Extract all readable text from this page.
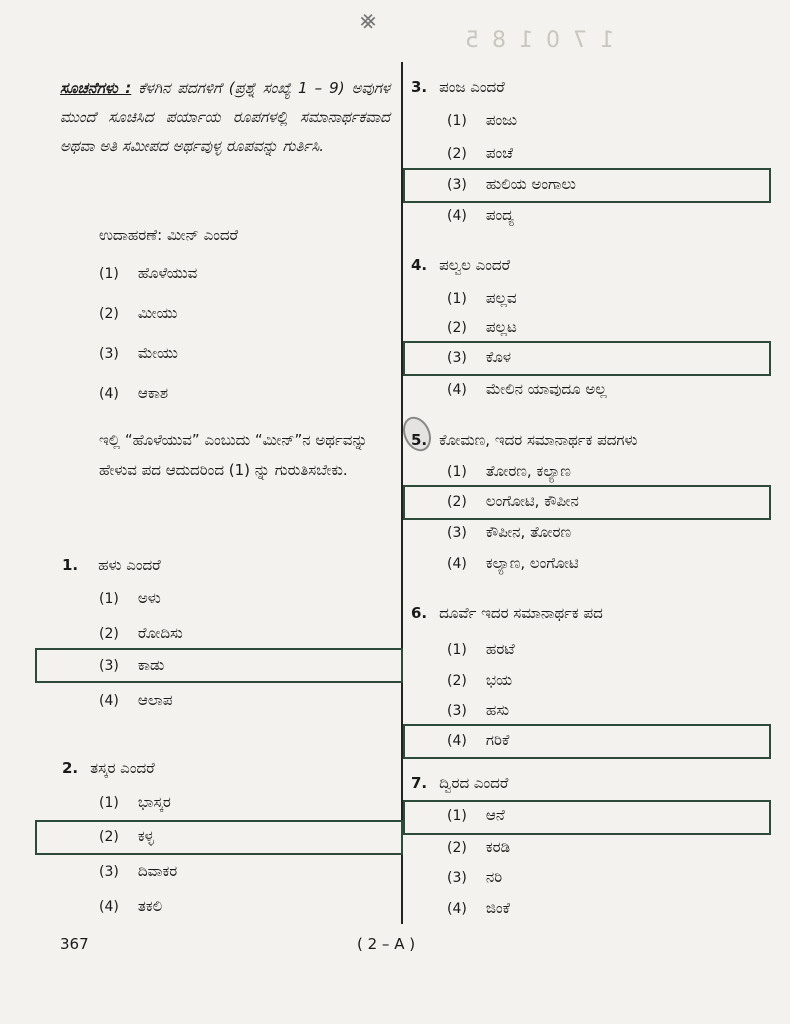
⨳
1 7 0 1 8 5
ಸೂಚನೆಗಳು : ಕೆಳಗಿನ ಪದಗಳಿಗೆ (ಪ್ರಶ್ನೆ ಸಂಖ್ಯೆ 1 – 9) ಅವುಗಳ ಮುಂದೆ ಸೂಚಿಸಿದ ಪರ್ಯಾಯ ರೂಪಗಳಲ್ಲಿ ಸಮಾನಾರ್ಥಕವಾದ ಅಥವಾ ಅತಿ ಸಮೀಪದ ಅರ್ಥವುಳ್ಳ ರೂಪವನ್ನು ಗುರ್ತಿಸಿ.
ಉದಾಹರಣೆ: ಮೀನ್ ಎಂದರೆ
(1) ಹೊಳೆಯುವ
(2) ಮೀಯು
(3) ಮೇಯು
(4) ಆಕಾಶ
ಇಲ್ಲಿ “ಹೊಳೆಯುವ” ಎಂಬುದು “ಮೀನ್”ನ ಅರ್ಥವನ್ನು ಹೇಳುವ ಪದ ಆದುದರಿಂದ (1) ನ್ನು ಗುರುತಿಸಬೇಕು.
1. ಹಳು ಎಂದರೆ
(1) ಅಳು
(2) ರೋದಿಸು
(3) ಕಾಡು
(4) ಆಲಾಪ
2. ತಸ್ಕರ ಎಂದರೆ
(1) ಭಾಸ್ಕರ
(2) ಕಳ್ಳ
(3) ದಿವಾಕರ
(4) ತಕಲಿ
3. ಪಂಜ ಎಂದರೆ
(1) ಪಂಜು
(2) ಪಂಚೆ
(3) ಹುಲಿಯ ಅಂಗಾಲು
(4) ಪಂದ್ಯ
4. ಪಲ್ವಲ ಎಂದರೆ
(1) ಪಲ್ಲವ
(2) ಪಲ್ಲಟ
(3) ಕೊಳ
(4) ಮೇಲಿನ ಯಾವುದೂ ಅಲ್ಲ
5. ಕೋಮಣ, ಇದರ ಸಮಾನಾರ್ಥಕ ಪದಗಳು
(1) ತೋರಣ, ಕಲ್ಯಾಣ
(2) ಲಂಗೋಟಿ, ಕೌಪೀನ
(3) ಕೌಪೀನ, ತೋರಣ
(4) ಕಲ್ಯಾಣ, ಲಂಗೋಟಿ
6. ದೂರ್ವೆ ಇದರ ಸಮಾನಾರ್ಥಕ ಪದ
(1) ಹರಟೆ
(2) ಭಯ
(3) ಹಸು
(4) ಗರಿಕೆ
7. ದ್ವಿರದ ಎಂದರೆ
(1) ಆನೆ
(2) ಕರಡಿ
(3) ನರಿ
(4) ಜಿಂಕೆ
367	( 2 – A )
